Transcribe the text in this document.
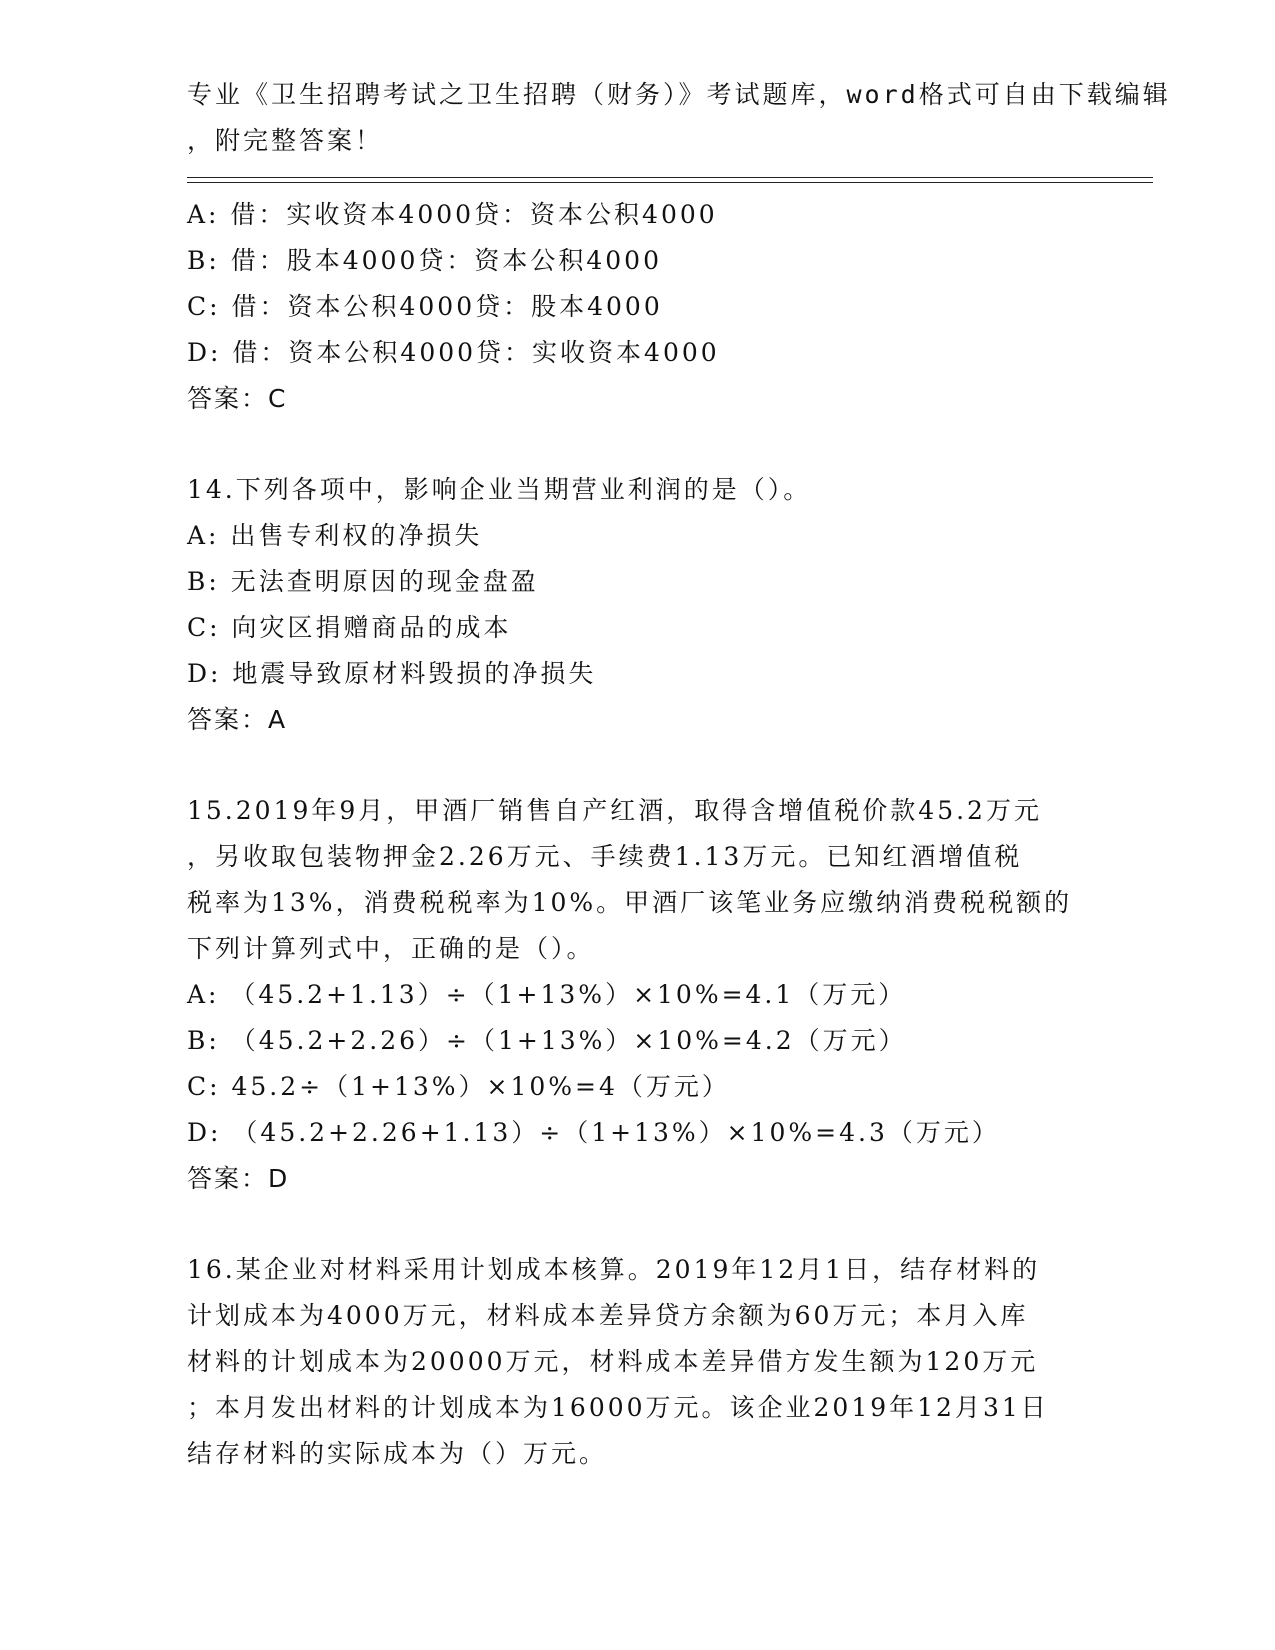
专业《卫生招聘考试之卫生招聘（财务）》考试题库，word格式可自由下载编辑
，附完整答案！
A: 借：实收资本4000贷：资本公积4000
B: 借：股本4000贷：资本公积4000
C: 借：资本公积4000贷：股本4000
D: 借：资本公积4000贷：实收资本4000
答案：C
14.下列各项中，影响企业当期营业利润的是（）。
A: 出售专利权的净损失
B: 无法查明原因的现金盘盈
C: 向灾区捐赠商品的成本
D: 地震导致原材料毁损的净损失
答案：A
15.2019年9月，甲酒厂销售自产红酒，取得含增值税价款45.2万元
，另收取包装物押金2.26万元、手续费1.13万元。已知红酒增值税
税率为13%，消费税税率为10%。甲酒厂该笔业务应缴纳消费税税额的
下列计算列式中，正确的是（）。
A: （45.2+1.13）÷（1+13%）×10%=4.1（万元）
B: （45.2+2.26）÷（1+13%）×10%=4.2（万元）
C: 45.2÷（1+13%）×10%=4（万元）
D: （45.2+2.26+1.13）÷（1+13%）×10%=4.3（万元）
答案：D
16.某企业对材料采用计划成本核算。2019年12月1日，结存材料的
计划成本为4000万元，材料成本差异贷方余额为60万元；本月入库
材料的计划成本为20000万元，材料成本差异借方发生额为120万元
；本月发出材料的计划成本为16000万元。该企业2019年12月31日
结存材料的实际成本为（）万元。
